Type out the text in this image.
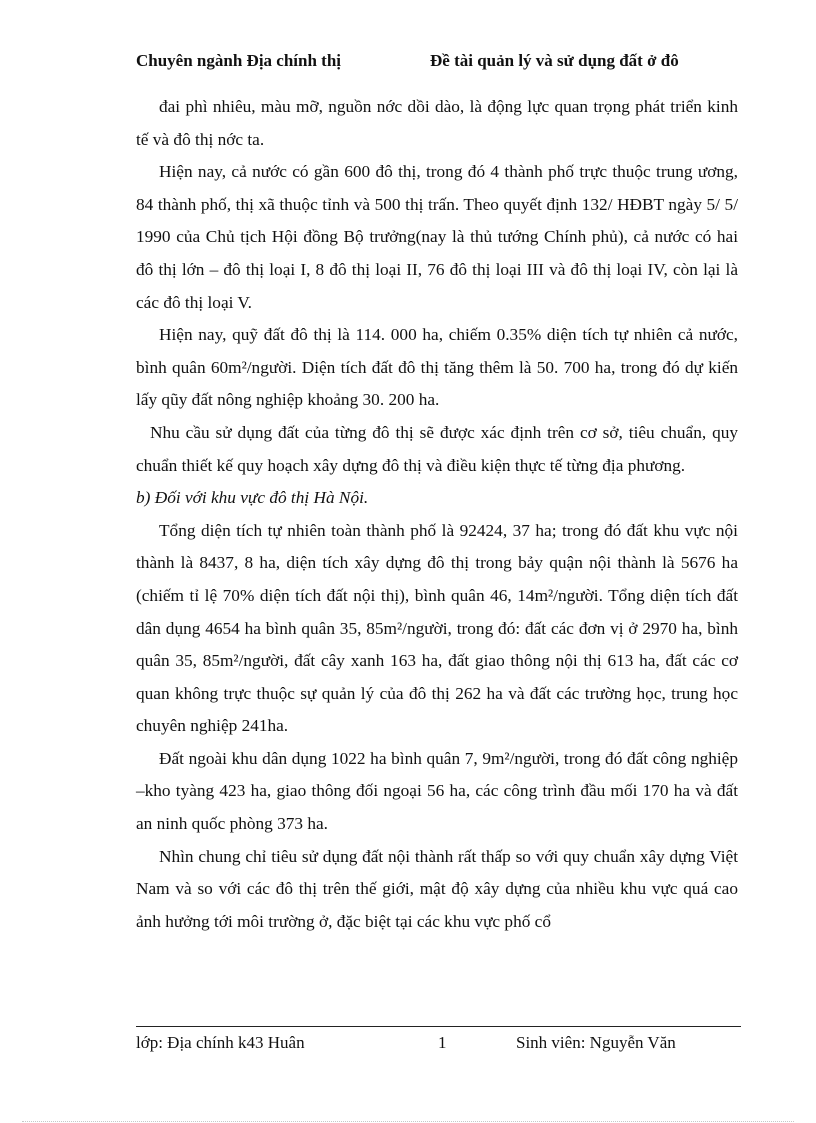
Chuyên ngành Địa chính thị	Đề tài quản lý và sử dụng đất ở đô

đai phì nhiêu, màu mỡ, nguồn nớc dồi dào, là động lực quan trọng phát triển kinh tế và đô thị nớc ta.

Hiện nay, cả nước có gần 600 đô thị, trong đó 4 thành phố trực thuộc trung ương, 84 thành phố, thị xã thuộc tỉnh và 500 thị trấn. Theo quyết định 132/ HĐBT ngày 5/ 5/ 1990 của Chủ tịch Hội đồng Bộ trưởng(nay là thủ tướng Chính phủ), cả nước có hai đô thị lớn – đô thị loại I, 8 đô thị loại II, 76 đô thị loại III và đô thị loại IV, còn lại là các đô thị loại V.

Hiện nay, quỹ đất đô thị là 114. 000 ha, chiếm 0.35% diện tích tự nhiên cả nước, bình quân 60m²/người. Diện tích đất đô thị tăng thêm là 50. 700 ha, trong đó dự kiến lấy qũy đất nông nghiệp khoảng 30. 200 ha.

Nhu cầu sử dụng đất của từng đô thị sẽ được xác định trên cơ sở, tiêu chuẩn, quy chuẩn thiết kế quy hoạch xây dựng đô thị và điều kiện thực tế từng địa phương.

b) Đối với khu vực đô thị Hà Nội.

Tổng diện tích tự nhiên toàn thành phố là 92424, 37 ha; trong đó đất khu vực nội thành là 8437, 8 ha, diện tích xây dựng đô thị trong bảy quận nội thành là 5676 ha (chiếm tỉ lệ 70% diện tích đất nội thị), bình quân 46, 14m²/người. Tổng diện tích đất dân dụng 4654 ha bình quân 35, 85m²/người, trong đó: đất các đơn vị ở 2970 ha, bình quân 35, 85m²/người, đất cây xanh 163 ha, đất giao thông nội thị 613 ha, đất các cơ quan không trực thuộc sự quản lý của đô thị 262 ha và đất các trường học, trung học chuyên nghiệp 241ha.

Đất ngoài khu dân dụng 1022 ha bình quân 7, 9m²/người, trong đó đất công nghiệp –kho tyàng 423 ha, giao thông đối ngoại 56 ha, các công trình đầu mối 170 ha và đất an ninh quốc phòng 373 ha.

Nhìn chung chỉ tiêu sử dụng đất nội thành rất thấp so với quy chuẩn xây dựng Việt Nam và so với các đô thị trên thế giới, mật độ xây dựng của nhiều khu vực quá cao ảnh hưởng tới môi trường ở, đặc biệt tại các khu vực phố cổ

lớp: Địa chính k43 Huân	1	Sinh viên: Nguyễn Văn
